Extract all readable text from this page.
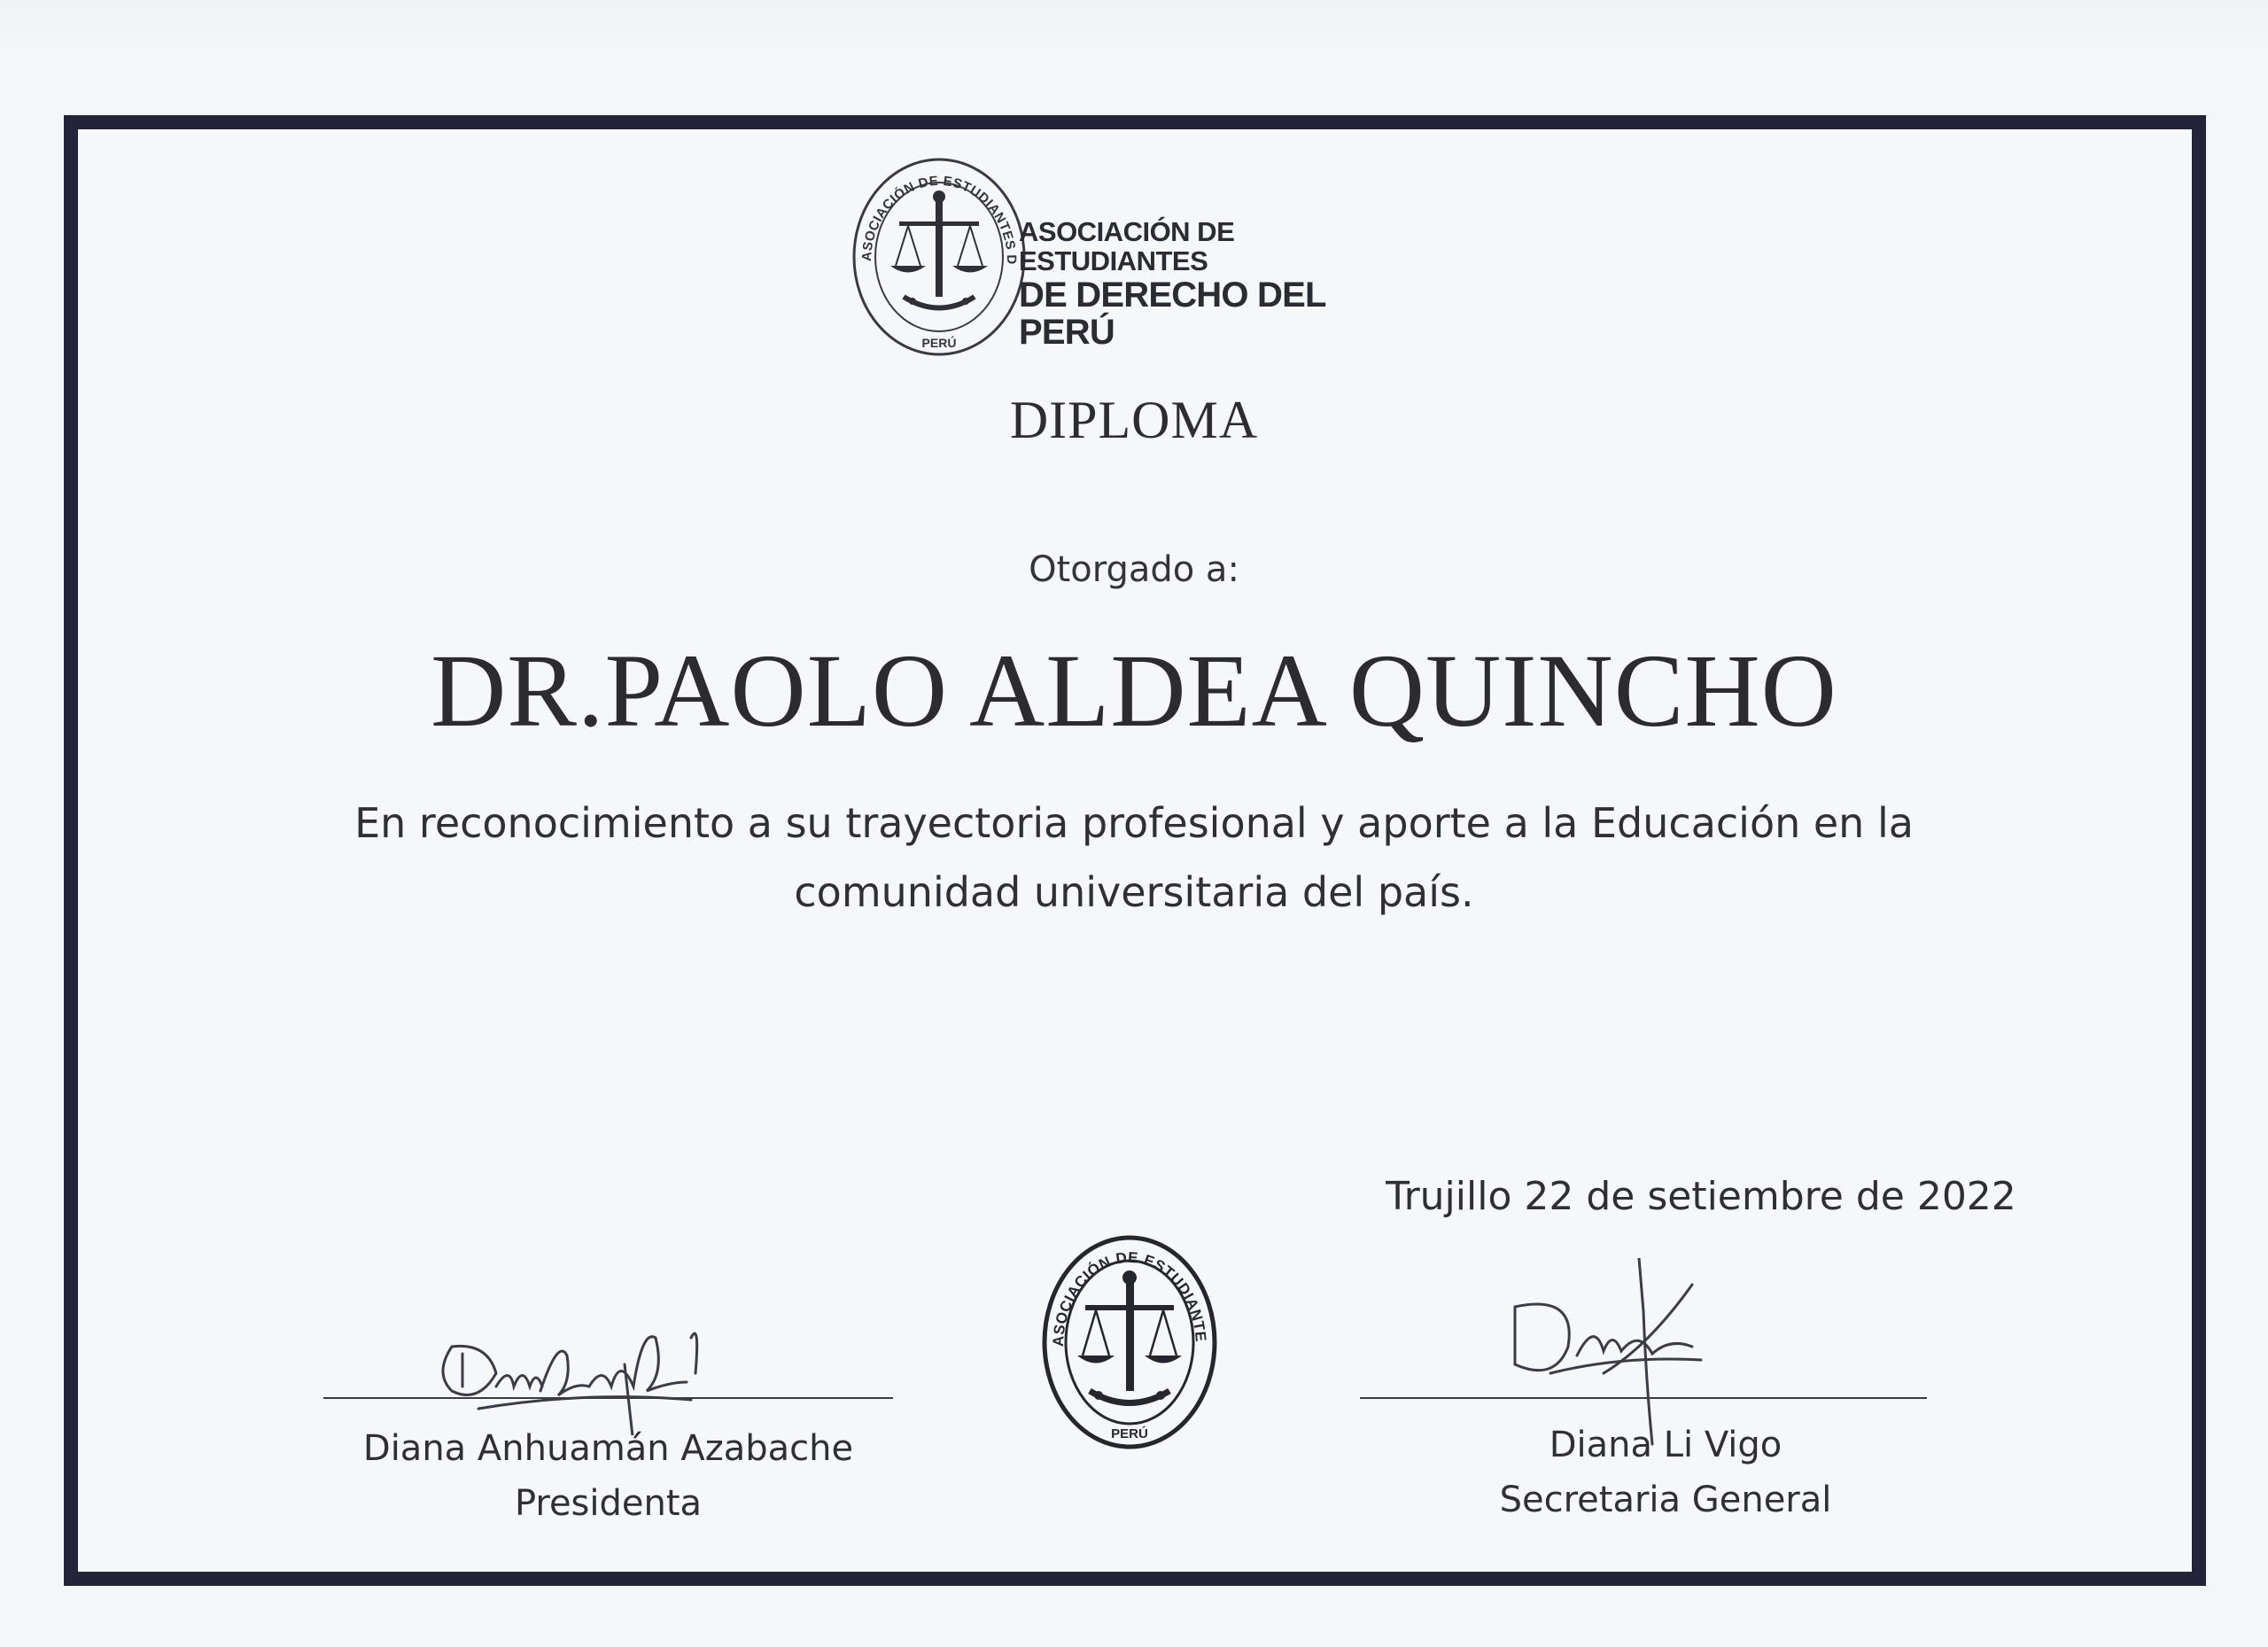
ASOCIACIÓN DE ESTUDIANTES D
PERÚ
ASOCIACIÓN DE ESTUDIANTES
DE DERECHO DEL PERÚ
DIPLOMA
Otorgado a:
DR.PAOLO ALDEA QUINCHO
En reconocimiento a su trayectoria profesional y aporte a la Educación en la comunidad universitaria del país.
Trujillo 22 de setiembre de 2022
Diana Anhuamán Azabache
Presidenta
ASOCIACIÓN DE ESTUDIANTE
PERÚ	Diana Li Vigo
Secretaria General
